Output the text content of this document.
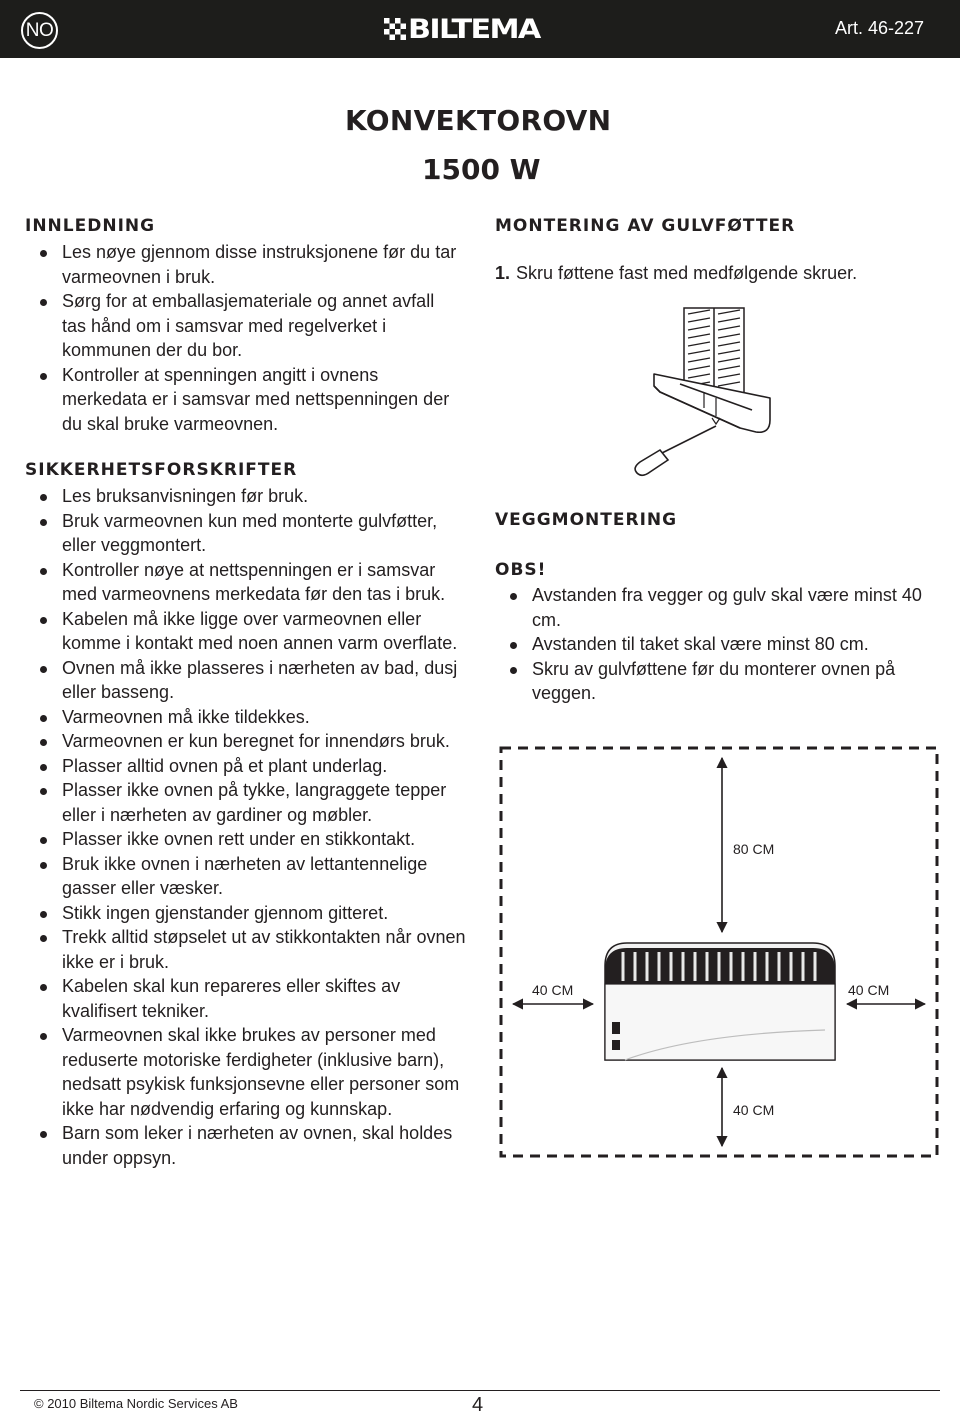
NO	BILTEMA	Art. 46-227
KONVEKTOROVN
1500 W
INNLEDNING
Les nøye gjennom disse instruksjonene før du tar varmeovnen i bruk.
Sørg for at emballasjemateriale og annet avfall tas hånd om i samsvar med regelverket i kommunen der du bor.
Kontroller at spenningen angitt i ovnens merkedata er i samsvar med nettspenningen der du skal bruke varmeovnen.
SIKKERHETSFORSKRIFTER
Les bruksanvisningen før bruk.
Bruk varmeovnen kun med monterte gulvføtter, eller veggmontert.
Kontroller nøye at nettspenningen er i samsvar med varmeovnens merkedata før den tas i bruk.
Kabelen må ikke ligge over varmeovnen eller komme i kontakt med noen annen varm overflate.
Ovnen må ikke plasseres i nærheten av bad, dusj eller basseng.
Varmeovnen må ikke tildekkes.
Varmeovnen er kun beregnet for innendørs bruk.
Plasser alltid ovnen på et plant underlag.
Plasser ikke ovnen på tykke, langraggete tepper eller i nærheten av gardiner og møbler.
Plasser ikke ovnen rett under en stikkontakt.
Bruk ikke ovnen i nærheten av lettantennelige gasser eller væsker.
Stikk ingen gjenstander gjennom gitteret.
Trekk alltid støpselet ut av stikkontakten når ovnen ikke er i bruk.
Kabelen skal kun repareres eller skiftes av kvalifisert tekniker.
Varmeovnen skal ikke brukes av personer med reduserte motoriske ferdigheter (inklusive barn), nedsatt psykisk funksjonsevne eller personer som ikke har nødvendig erfaring og kunnskap.
Barn som leker i nærheten av ovnen, skal holdes under oppsyn.
MONTERING AV GULVFØTTER
1. Skru føttene fast med medfølgende skruer.
VEGGMONTERING
OBS!
Avstanden fra vegger og gulv skal være minst 40 cm.
Avstanden til taket skal være minst 80 cm.
Skru av gulvføttene før du monterer ovnen på veggen.
80 CM
40 CM	40 CM
40 CM
© 2010 Biltema Nordic Services AB	4
